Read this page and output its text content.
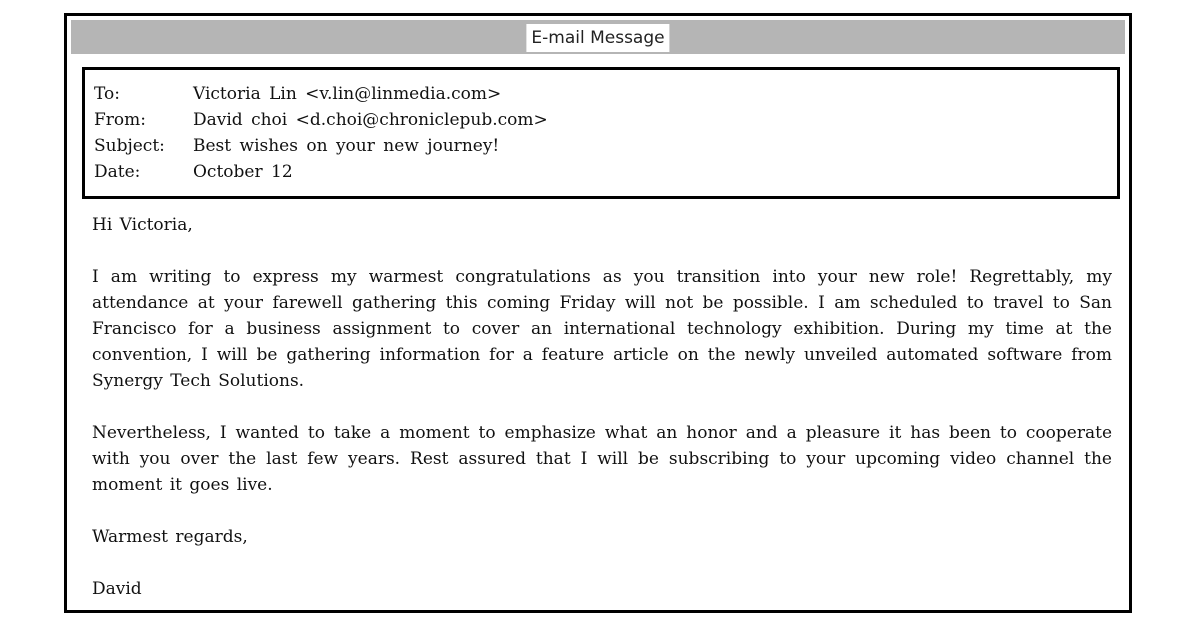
E-mail Message
To:	Victoria Lin <v.lin@linmedia.com>
From:	David choi <d.choi@chroniclepub.com>
Subject: Best wishes on your new journey!
Date:	October 12

Hi Victoria,

I am writing to express my warmest congratulations as you transition into your new role! Regrettably, my attendance at your farewell gathering this coming Friday will not be possible. I am scheduled to travel to San Francisco for a business assignment to cover an international technology exhibition. During my time at the convention, I will be gathering information for a feature article on the newly unveiled automated software from Synergy Tech Solutions.

Nevertheless, I wanted to take a moment to emphasize what an honor and a pleasure it has been to cooperate with you over the last few years. Rest assured that I will be subscribing to your upcoming video channel the moment it goes live.

Warmest regards,

David
